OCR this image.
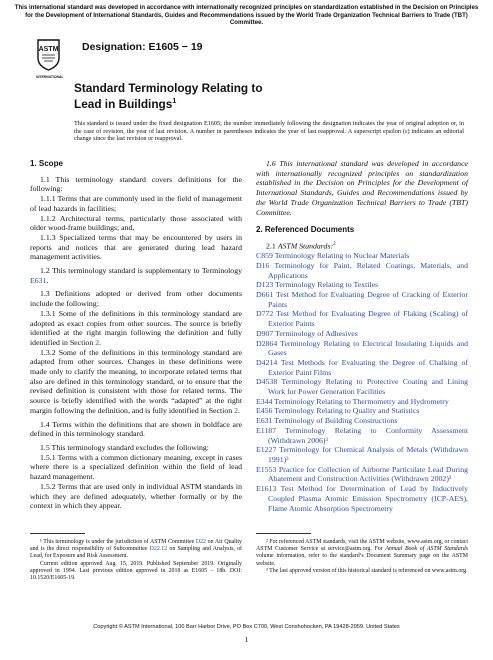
This international standard was developed in accordance with internationally recognized principles on standardization established in the Decision on Principles for the Development of International Standards, Guides and Recommendations issued by the World Trade Organization Technical Barriers to Trade (TBT) Committee.
ASTM
INTERNATIONAL
Designation: E1605 − 19
Standard Terminology Relating to
Lead in Buildings$^1$
This standard is issued under the fixed designation E1605; the number immediately following the designation indicates the year of original adoption or, in the case of revision, the year of last revision. A number in parentheses indicates the year of last reapproval. A superscript epsilon (ε) indicates an editorial change since the last revision or reapproval.

1. Scope

1.1 This terminology standard covers definitions for the following:

1.1.1 Terms that are commonly used in the field of management of lead hazards in facilities;

1.1.2 Architectural terms, particularly those associated with older wood-frame buildings; and,

1.1.3 Specialized terms that may be encountered by users in reports and notices that are generated during lead hazard management activities.

1.2 This terminology standard is supplementary to Terminology E631.

1.3 Definitions adopted or derived from other documents include the following:

1.3.1 Some of the definitions in this terminology standard are adopted as exact copies from other sources. The source is briefly identified at the right margin following the definition and fully identified in Section 2.

1.3.2 Some of the definitions in this terminology standard are adapted from other sources. Changes in these definitions were made only to clarify the meaning, to incorporate related terms that also are defined in this terminology standard, or to ensure that the revised definition is consistent with those for related terms. The source is briefly identified with the words “adapted” at the right margin following the definition, and is fully identified in Section 2.

1.4 Terms within the definitions that are shown in boldface are defined in this terminology standard.

1.5 This terminology standard excludes the following:

1.5.1 Terms with a common dictionary meaning, except in cases where there is a specialized definition within the field of lead hazard management.

1.5.2 Terms that are used only in individual ASTM standards in which they are defined adequately, whether formally or by the context in which they appear.

¹ This terminology is under the jurisdiction of ASTM Committee D22 on Air Quality and is the direct responsibility of Subcommittee D22.12 on Sampling and Analysis, of Lead, for Exposure and Risk Assessment.

Current edition approved Aug. 15, 2019. Published September 2019. Originally approved in 1994. Last previous edition approved in 2018 as E1605 – 18b. DOI: 10.1520/E1605-19.

1.6 This international standard was developed in accordance with internationally recognized principles on standardization established in the Decision on Principles for the Development of International Standards, Guides and Recommendations issued by the World Trade Organization Technical Barriers to Trade (TBT) Committee.

2. Referenced Documents

2.1 ASTM Standards:$^2$

C859 Terminology Relating to Nuclear Materials

D16 Terminology for Paint, Related Coatings, Materials, and Applications

D123 Terminology Relating to Textiles

D661 Test Method for Evaluating Degree of Cracking of Exterior Paints

D772 Test Method for Evaluating Degree of Flaking (Scaling) of Exterior Paints

D907 Terminology of Adhesives

D2864 Terminology Relating to Electrical Insulating Liquids and Gases

D4214 Test Methods for Evaluating the Degree of Chalking of Exterior Paint Films

D4538 Terminology Relating to Protective Coating and Lining Work for Power Generation Facilities

E344 Terminology Relating to Thermometry and Hydrometry

E456 Terminology Relating to Quality and Statistics

E631 Terminology of Building Constructions

E1187 Terminology Relating to Conformity Assessment (Withdrawn 2006)³

E1227 Terminology for Chemical Analysis of Metals (Withdrawn 1991)³

E1553 Practice for Collection of Airborne Particulate Lead During Abatement and Construction Activities (Withdrawn 2002)³

E1613 Test Method for Determination of Lead by Inductively Coupled Plasma Atomic Emission Spectrometry (ICP-AES), Flame Atomic Absorption Spectrometry

² For referenced ASTM standards, visit the ASTM website, www.astm.org, or contact ASTM Customer Service at service@astm.org. For Annual Book of ASTM Standards volume information, refer to the standard’s Document Summary page on the ASTM website.

³ The last approved version of this historical standard is referenced on www.astm.org.

Copyright © ASTM International, 100 Barr Harbor Drive, PO Box C700, West Conshohocken, PA 19428-2959. United States
1
